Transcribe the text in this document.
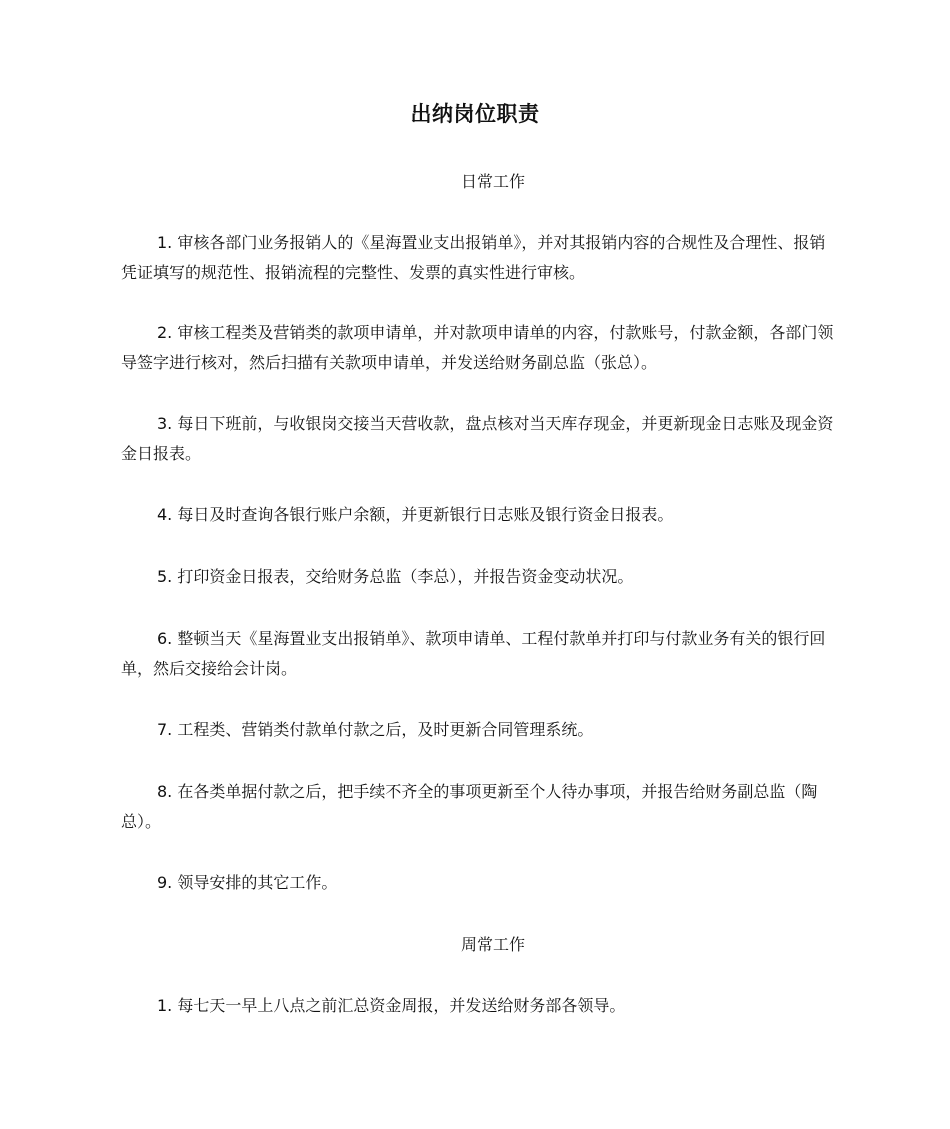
出纳岗位职责
日常工作

1. 审核各部门业务报销人的《星海置业支出报销单》，并对其报销内容的合规性及合理性、报销凭证填写的规范性、报销流程的完整性、发票的真实性进行审核。

2. 审核工程类及营销类的款项申请单，并对款项申请单的内容，付款账号，付款金额，各部门领导签字进行核对，然后扫描有关款项申请单，并发送给财务副总监（张总）。

3. 每日下班前，与收银岗交接当天营收款，盘点核对当天库存现金，并更新现金日志账及现金资金日报表。

4. 每日及时查询各银行账户余额，并更新银行日志账及银行资金日报表。

5. 打印资金日报表，交给财务总监（李总），并报告资金变动状况。

6. 整顿当天《星海置业支出报销单》、款项申请单、工程付款单并打印与付款业务有关的银行回单，然后交接给会计岗。

7. 工程类、营销类付款单付款之后，及时更新合同管理系统。

8. 在各类单据付款之后，把手续不齐全的事项更新至个人待办事项，并报告给财务副总监（陶总）。

9. 领导安排的其它工作。

周常工作

1. 每七天一早上八点之前汇总资金周报，并发送给财务部各领导。
